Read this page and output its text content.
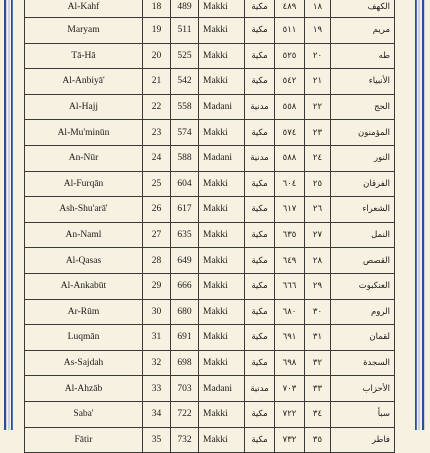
Al-Kahf	18	489	Makki	مكية	٤٨٩	١٨	الكهف
Maryam	19	511	Makki	مكية	٥١١	١٩	مريم
Tā-Hā	20	525	Makki	مكية	٥٢٥	٢٠	طه
Al-Anbiyā'	21	542	Makki	مكية	٥٤٢	٢١	الأنبياء
Al-Hajj	22	558	Madani	مدنية	٥٥٨	٢٢	الحج
Al-Mu'minūn	23	574	Makki	مكية	٥٧٤	٢٣	المؤمنون
An-Nūr	24	588	Madani	مدنية	٥٨٨	٢٤	النور
Al-Furqān	25	604	Makki	مكية	٦٠٤	٢٥	الفرقان
Ash-Shu'arā'	26	617	Makki	مكية	٦١٧	٢٦	الشعراء
An-Naml	27	635	Makki	مكية	٦٣٥	٢٧	النمل
Al-Qasas	28	649	Makki	مكية	٦٤٩	٢٨	القصص
Al-Ankabūt	29	666	Makki	مكية	٦٦٦	٢٩	العنكبوت
Ar-Rūm	30	680	Makki	مكية	٦٨٠	٣٠	الروم
Luqmān	31	691	Makki	مكية	٦٩١	٣١	لقمان
As-Sajdah	32	698	Makki	مكية	٦٩٨	٣٢	السجدة
Al-Ahzāb	33	703	Madani	مدنية	٧٠٣	٣٣	الأحزاب
Saba'	34	722	Makki	مكية	٧٢٢	٣٤	سبأ
Fātir	35	732	Makki	مكية	٧٣٢	٣٥	فاطر
